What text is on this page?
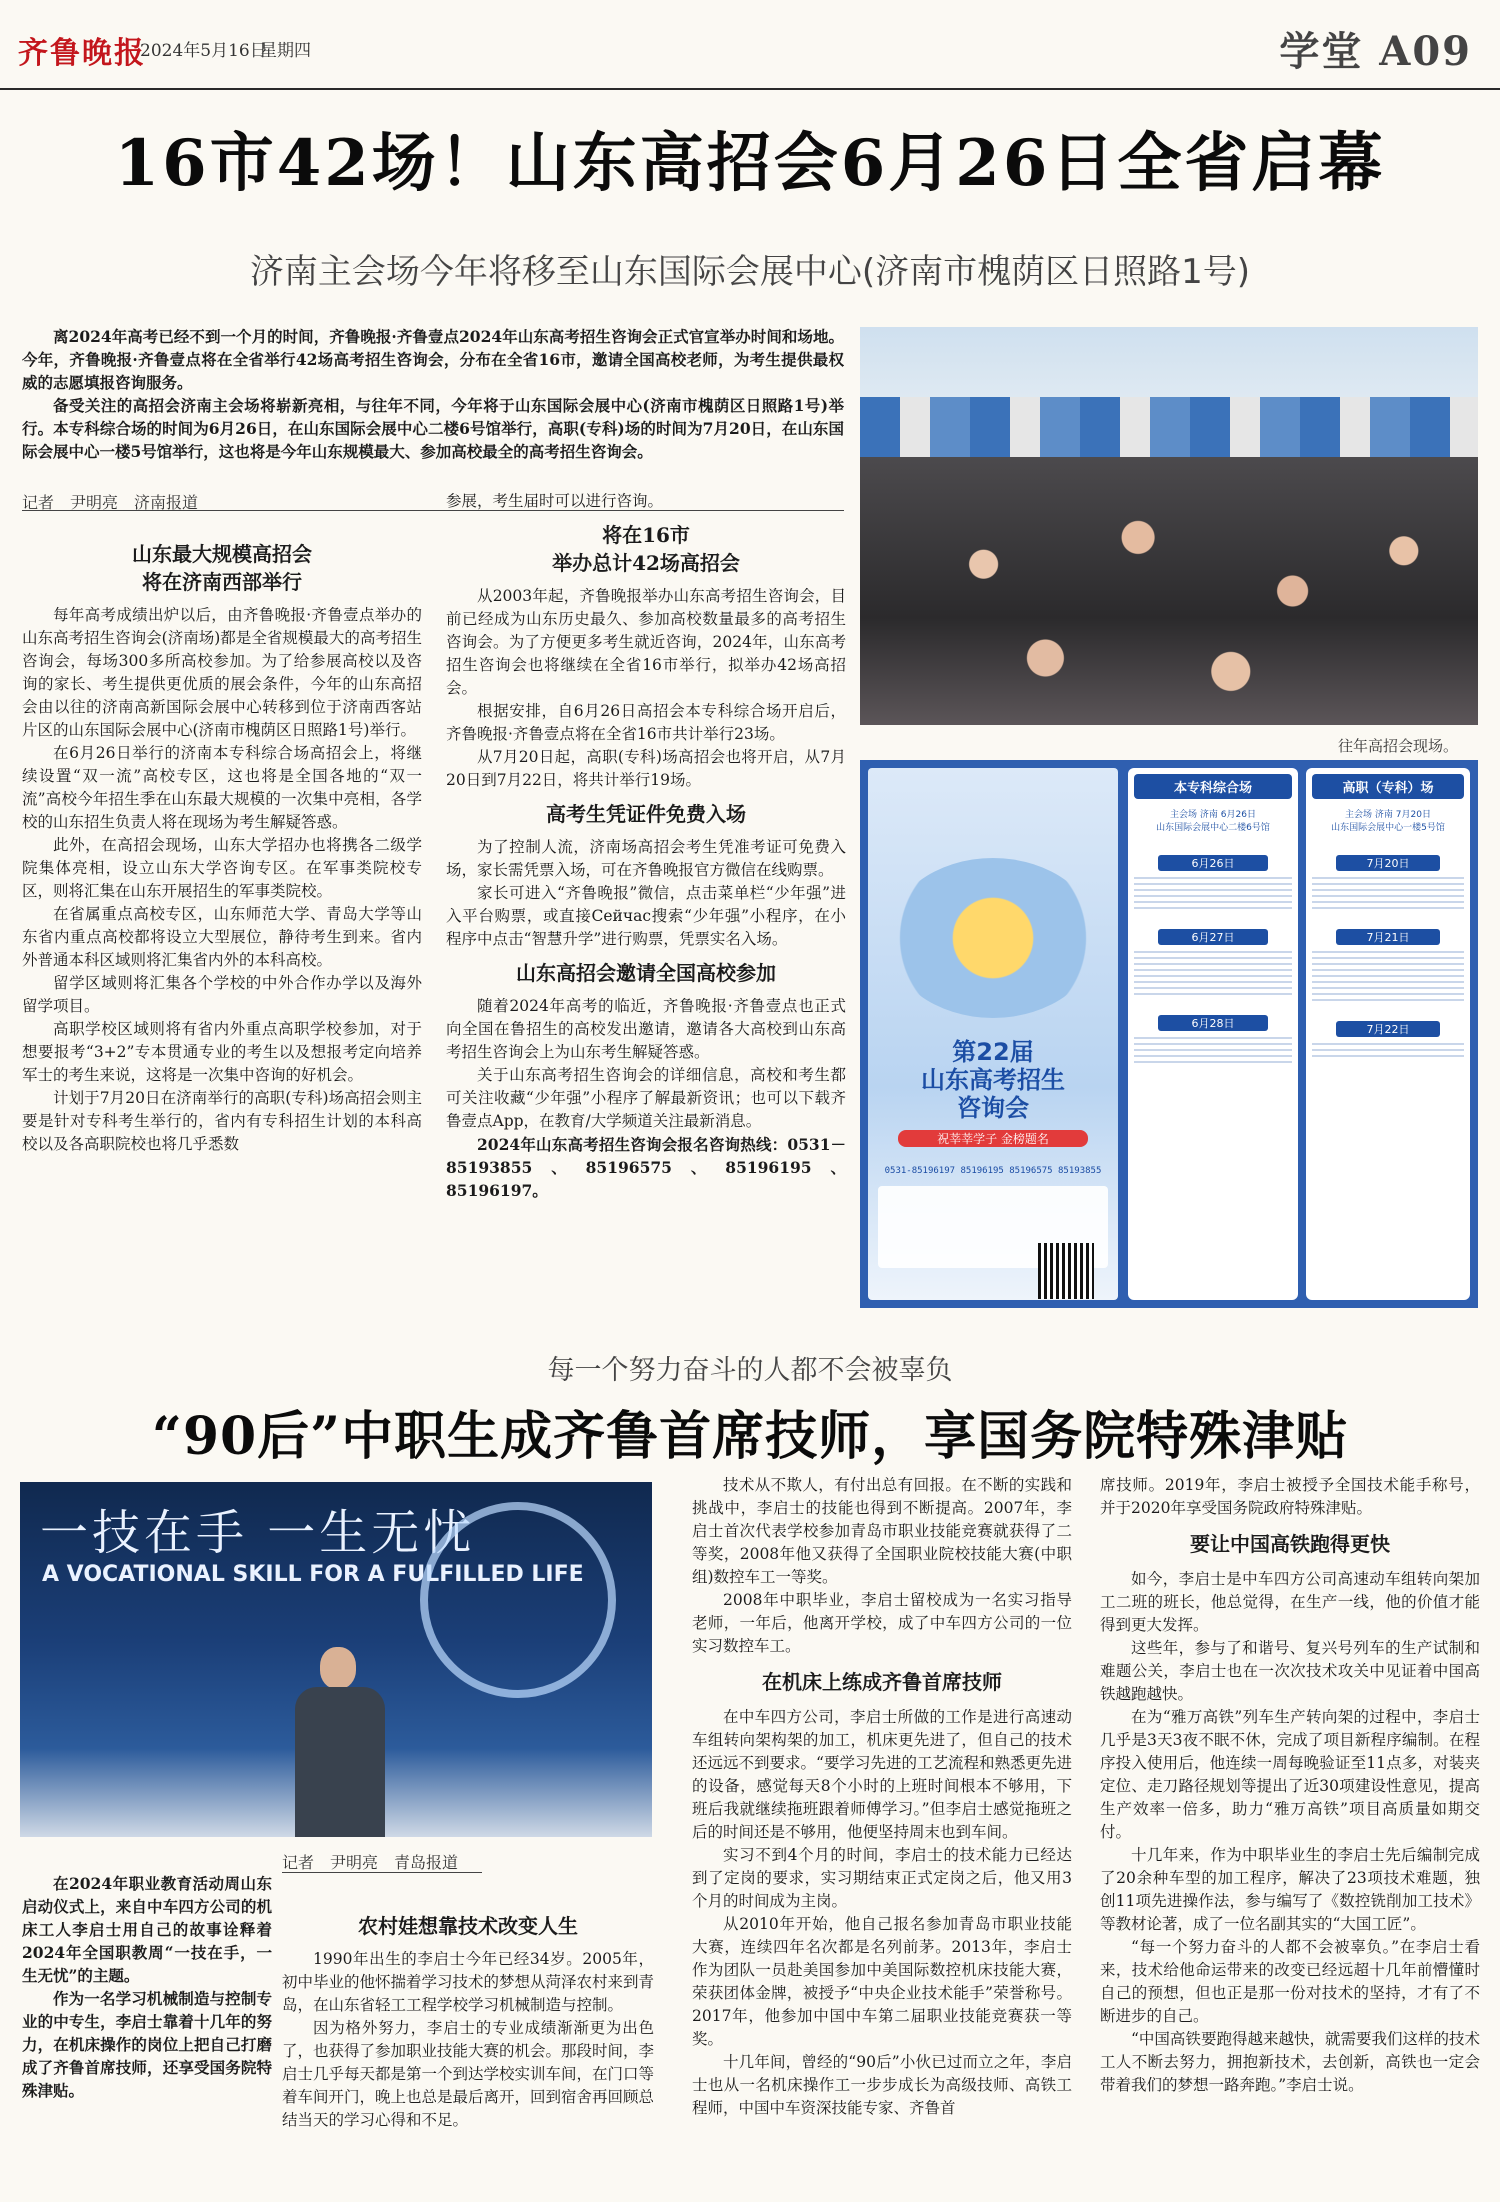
齐鲁晚报
2024年5月16日
星期四	学堂 A09
16市42场！山东高招会6月26日全省启幕
济南主会场今年将移至山东国际会展中心(济南市槐荫区日照路1号)

离2024年高考已经不到一个月的时间，齐鲁晚报·齐鲁壹点2024年山东高考招生咨询会正式官宣举办时间和场地。今年，齐鲁晚报·齐鲁壹点将在全省举行42场高考招生咨询会，分布在全省16市，邀请全国高校老师，为考生提供最权威的志愿填报咨询服务。

备受关注的高招会济南主会场将崭新亮相，与往年不同，今年将于山东国际会展中心(济南市槐荫区日照路1号)举行。本专科综合场的时间为6月26日，在山东国际会展中心二楼6号馆举行，高职(专科)场的时间为7月20日，在山东国际会展中心一楼5号馆举行，这也将是今年山东规模最大、参加高校最全的高考招生咨询会。

记者　尹明亮　济南报道
山东最大规模高招会
将在济南西部举行

每年高考成绩出炉以后，由齐鲁晚报·齐鲁壹点举办的山东高考招生咨询会(济南场)都是全省规模最大的高考招生咨询会，每场300多所高校参加。为了给参展高校以及咨询的家长、考生提供更优质的展会条件，今年的山东高招会由以往的济南高新国际会展中心转移到位于济南西客站片区的山东国际会展中心(济南市槐荫区日照路1号)举行。

在6月26日举行的济南本专科综合场高招会上，将继续设置“双一流”高校专区，这也将是全国各地的“双一流”高校今年招生季在山东最大规模的一次集中亮相，各学校的山东招生负责人将在现场为考生解疑答惑。

此外，在高招会现场，山东大学招办也将携各二级学院集体亮相，设立山东大学咨询专区。在军事类院校专区，则将汇集在山东开展招生的军事类院校。

在省属重点高校专区，山东师范大学、青岛大学等山东省内重点高校都将设立大型展位，静待考生到来。省内外普通本科区域则将汇集省内外的本科高校。

留学区域则将汇集各个学校的中外合作办学以及海外留学项目。

高职学校区域则将有省内外重点高职学校参加，对于想要报考“3+2”专本贯通专业的考生以及想报考定向培养军士的考生来说，这将是一次集中咨询的好机会。

计划于7月20日在济南举行的高职(专科)场高招会则主要是针对专科考生举行的，省内有专科招生计划的本科高校以及各高职院校也将几乎悉数

参展，考生届时可以进行咨询。
将在16市
举办总计42场高招会

从2003年起，齐鲁晚报举办山东高考招生咨询会，目前已经成为山东历史最久、参加高校数量最多的高考招生咨询会。为了方便更多考生就近咨询，2024年，山东高考招生咨询会也将继续在全省16市举行，拟举办42场高招会。

根据安排，自6月26日高招会本专科综合场开启后，齐鲁晚报·齐鲁壹点将在全省16市共计举行23场。

从7月20日起，高职(专科)场高招会也将开启，从7月20日到7月22日，将共计举行19场。

高考生凭证件免费入场

为了控制人流，济南场高招会考生凭准考证可免费入场，家长需凭票入场，可在齐鲁晚报官方微信在线购票。

家长可进入“齐鲁晚报”微信，点击菜单栏“少年强”进入平台购票，或直接Сейчас搜索“少年强”小程序，在小程序中点击“智慧升学”进行购票，凭票实名入场。

山东高招会邀请全国高校参加

随着2024年高考的临近，齐鲁晚报·齐鲁壹点也正式向全国在鲁招生的高校发出邀请，邀请各大高校到山东高考招生咨询会上为山东考生解疑答惑。

关于山东高考招生咨询会的详细信息，高校和考生都可关注收藏“少年强”小程序了解最新资讯；也可以下载齐鲁壹点App，在教育/大学频道关注最新消息。

2024年山东高考招生咨询会报名咨询热线：0531－85193855、85196575、85196195、85196197。

往年高招会现场。
第22届
山东高考招生
咨询会
祝莘莘学子 金榜题名
0531-85196197 85196195 85196575 85193855
本专科综合场
主会场 济南 6月26日
山东国际会展中心二楼6号馆
6月26日
6月27日
6月28日
高职（专科）场
主会场 济南 7月20日
山东国际会展中心一楼5号馆
7月20日
7月21日
7月22日
每一个努力奋斗的人都不会被辜负
“90后”中职生成齐鲁首席技师，享国务院特殊津贴
一技在手 一生无忧
A VOCATIONAL SKILL FOR A FULFILLED LIFE
记者　尹明亮　青岛报道

在2024年职业教育活动周山东启动仪式上，来自中车四方公司的机床工人李启士用自己的故事诠释着2024年全国职教周“一技在手，一生无忧”的主题。

作为一名学习机械制造与控制专业的中专生，李启士靠着十几年的努力，在机床操作的岗位上把自己打磨成了齐鲁首席技师，还享受国务院特殊津贴。

农村娃想靠技术改变人生

1990年出生的李启士今年已经34岁。2005年，初中毕业的他怀揣着学习技术的梦想从菏泽农村来到青岛，在山东省轻工工程学校学习机械制造与控制。

因为格外努力，李启士的专业成绩渐渐更为出色了，也获得了参加职业技能大赛的机会。那段时间，李启士几乎每天都是第一个到达学校实训车间，在门口等着车间开门，晚上也总是最后离开，回到宿舍再回顾总结当天的学习心得和不足。

技术从不欺人，有付出总有回报。在不断的实践和挑战中，李启士的技能也得到不断提高。2007年，李启士首次代表学校参加青岛市职业技能竞赛就获得了二等奖，2008年他又获得了全国职业院校技能大赛(中职组)数控车工一等奖。

2008年中职毕业，李启士留校成为一名实习指导老师，一年后，他离开学校，成了中车四方公司的一位实习数控车工。

在机床上练成齐鲁首席技师

在中车四方公司，李启士所做的工作是进行高速动车组转向架构架的加工，机床更先进了，但自己的技术还远远不到要求。“要学习先进的工艺流程和熟悉更先进的设备，感觉每天8个小时的上班时间根本不够用，下班后我就继续拖班跟着师傅学习。”但李启士感觉拖班之后的时间还是不够用，他便坚持周末也到车间。

实习不到4个月的时间，李启士的技术能力已经达到了定岗的要求，实习期结束正式定岗之后，他又用3个月的时间成为主岗。

从2010年开始，他自己报名参加青岛市职业技能大赛，连续四年名次都是名列前茅。2013年，李启士作为团队一员赴美国参加中美国际数控机床技能大赛，荣获团体金牌，被授予“中央企业技术能手”荣誉称号。2017年，他参加中国中车第二届职业技能竞赛获一等奖。

十几年间，曾经的“90后”小伙已过而立之年，李启士也从一名机床操作工一步步成长为高级技师、高铁工程师，中国中车资深技能专家、齐鲁首

席技师。2019年，李启士被授予全国技术能手称号，并于2020年享受国务院政府特殊津贴。
要让中国高铁跑得更快

如今，李启士是中车四方公司高速动车组转向架加工二班的班长，他总觉得，在生产一线，他的价值才能得到更大发挥。

这些年，参与了和谐号、复兴号列车的生产试制和难题公关，李启士也在一次次技术攻关中见证着中国高铁越跑越快。

在为“雅万高铁”列车生产转向架的过程中，李启士几乎是3天3夜不眠不休，完成了项目新程序编制。在程序投入使用后，他连续一周每晚验证至11点多，对装夹定位、走刀路径规划等提出了近30项建设性意见，提高生产效率一倍多，助力“雅万高铁”项目高质量如期交付。

十几年来，作为中职毕业生的李启士先后编制完成了20余种车型的加工程序，解决了23项技术难题，独创11项先进操作法，参与编写了《数控铣削加工技术》等教材论著，成了一位名副其实的“大国工匠”。

“每一个努力奋斗的人都不会被辜负。”在李启士看来，技术给他命运带来的改变已经远超十几年前懵懂时自己的预想，但也正是那一份对技术的坚持，才有了不断进步的自己。

“中国高铁要跑得越来越快，就需要我们这样的技术工人不断去努力，拥抱新技术，去创新，高铁也一定会带着我们的梦想一路奔跑。”李启士说。
